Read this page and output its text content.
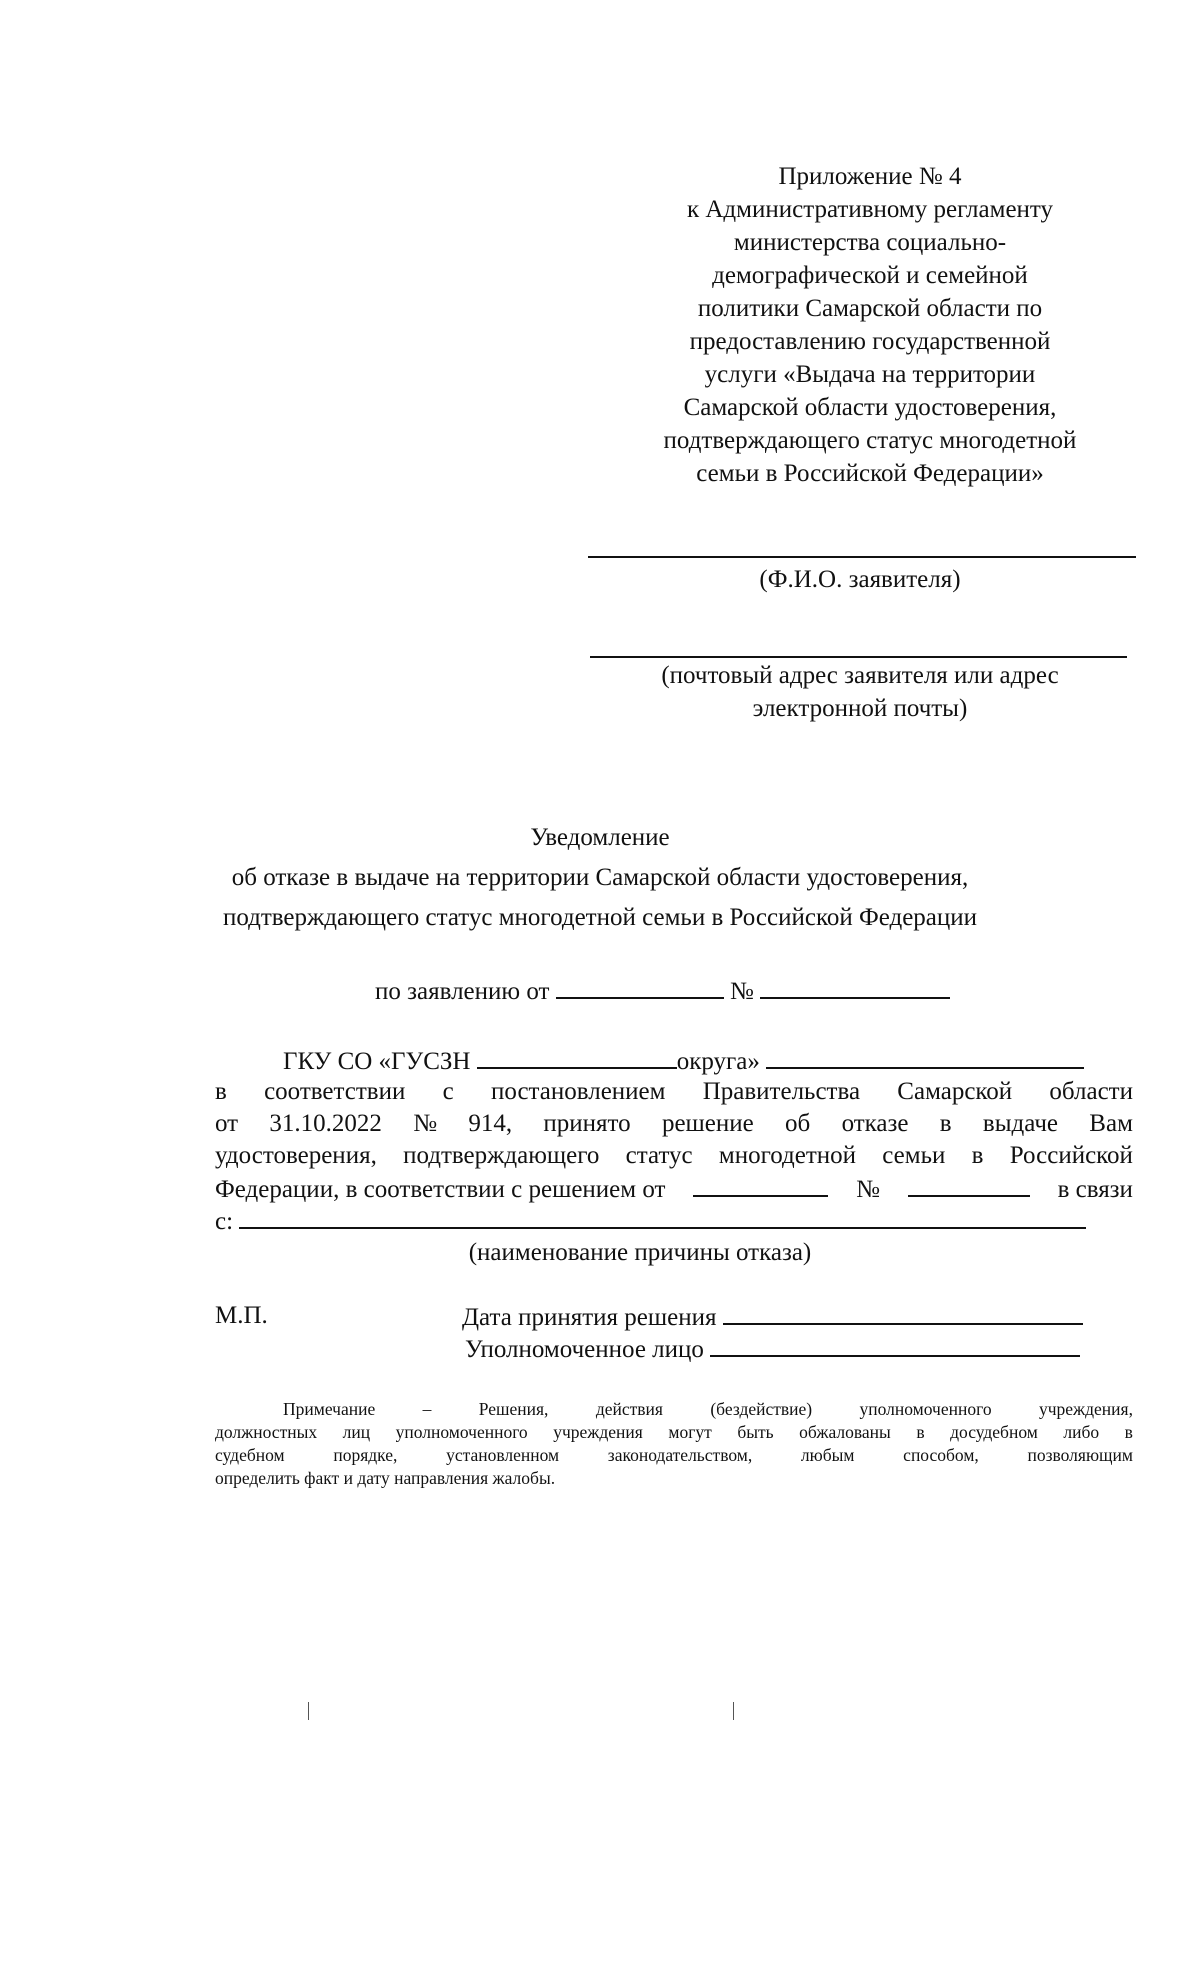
Приложение № 4
к Административному регламенту
министерства социально-
демографической и семейной
политики Самарской области по
предоставлению государственной
услуги «Выдача на территории
Самарской области удостоверения,
подтверждающего статус многодетной
семьи в Российской Федерации»
(Ф.И.О. заявителя)
(почтовый адрес заявителя или адрес
электронной почты)
Уведомление
об отказе в выдаче на территории Самарской области удостоверения,
подтверждающего статус многодетной семьи в Российской Федерации
по заявлению от	№
ГКУ СО «ГУСЗН	округа»
в соответствии с постановлением Правительства Самарской области
от 31.10.2022 № 914, принято решение об отказе в выдаче Вам
удостоверения, подтверждающего статус многодетной семьи в Российской
Федерации, в соответствии с решением от	№	в связи
с:
(наименование причины отказа)
М.П.	Дата принятия решения
Уполномоченное лицо
Примечание	–	Решения,	действия	(бездействие)	уполномоченного	учреждения,
должностных лиц уполномоченного учреждения могут быть обжалованы в досудебном либо в
судебном	порядке,	установленном	законодательством,	любым	способом,	позволяющим
определить факт и дату направления жалобы.
